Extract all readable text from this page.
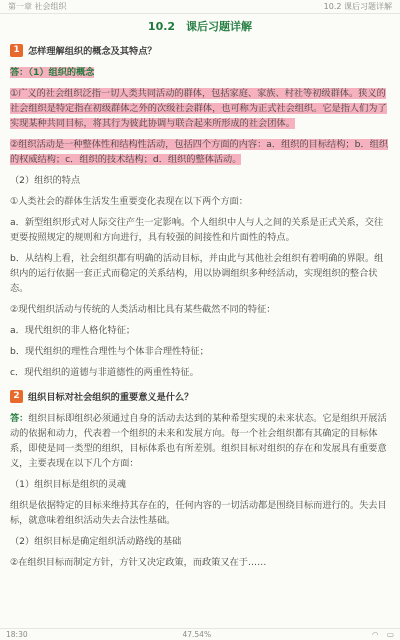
第一章 社会组织	10.2 课后习题详解
10.2　课后习题详解
1 怎样理解组织的概念及其特点？
答：（1）组织的概念
①广义的社会组织泛指一切人类共同活动的群体，包括家庭、家族、村社等初级群体。狭义的社会组织是特定指在初级群体之外的次级社会群体，也可称为正式社会组织。它是指人们为了实现某种共同目标，将其行为彼此协调与联合起来所形成的社会团体。
②组织活动是一种整体性和结构性活动，包括四个方面的内容：a．组织的目标结构；b．组织的权威结构；c．组织的技术结构；d．组织的整体活动。
（2）组织的特点
①人类社会的群体生活发生重要变化表现在以下两个方面：
a．新型组织形式对人际交往产生一定影响。个人组织中人与人之间的关系是正式关系，交往更要按照规定的规则和方向进行，具有较强的间接性和片面性的特点。
b．从结构上看，社会组织都有明确的活动目标，并由此与其他社会组织有着明确的界限。组织内的运行依据一套正式而稳定的关系结构，用以协调组织多种经活动，实现组织的整合状态。
②现代组织活动与传统的人类活动相比具有某些截然不同的特征：
a．现代组织的非人格化特征；
b．现代组织的理性合理性与个体非合理性特征；
c．现代组织的道德与非道德性的两重性特征。
2 组织目标对社会组织的重要意义是什么？
答：组织目标即组织必须通过自身的活动去达到的某种希望实现的未来状态。它是组织开展活动的依据和动力，代表着一个组织的未来和发展方向。每一个社会组织都有其确定的目标体系，即使是同一类型的组织，目标体系也有所差别。组织目标对组织的存在和发展具有重要意义，主要表现在以下几个方面：
（1）组织目标是组织的灵魂
组织是依据特定的目标来维持其存在的，任何内容的一切活动都是围绕目标而进行的。失去目标，就意味着组织活动失去合法性基础。
（2）组织目标是确定组织活动路线的基础
②在组织目标而制定方针，方针又决定政策，而政策又在于……
18:30	47.54%	◠ ▭
